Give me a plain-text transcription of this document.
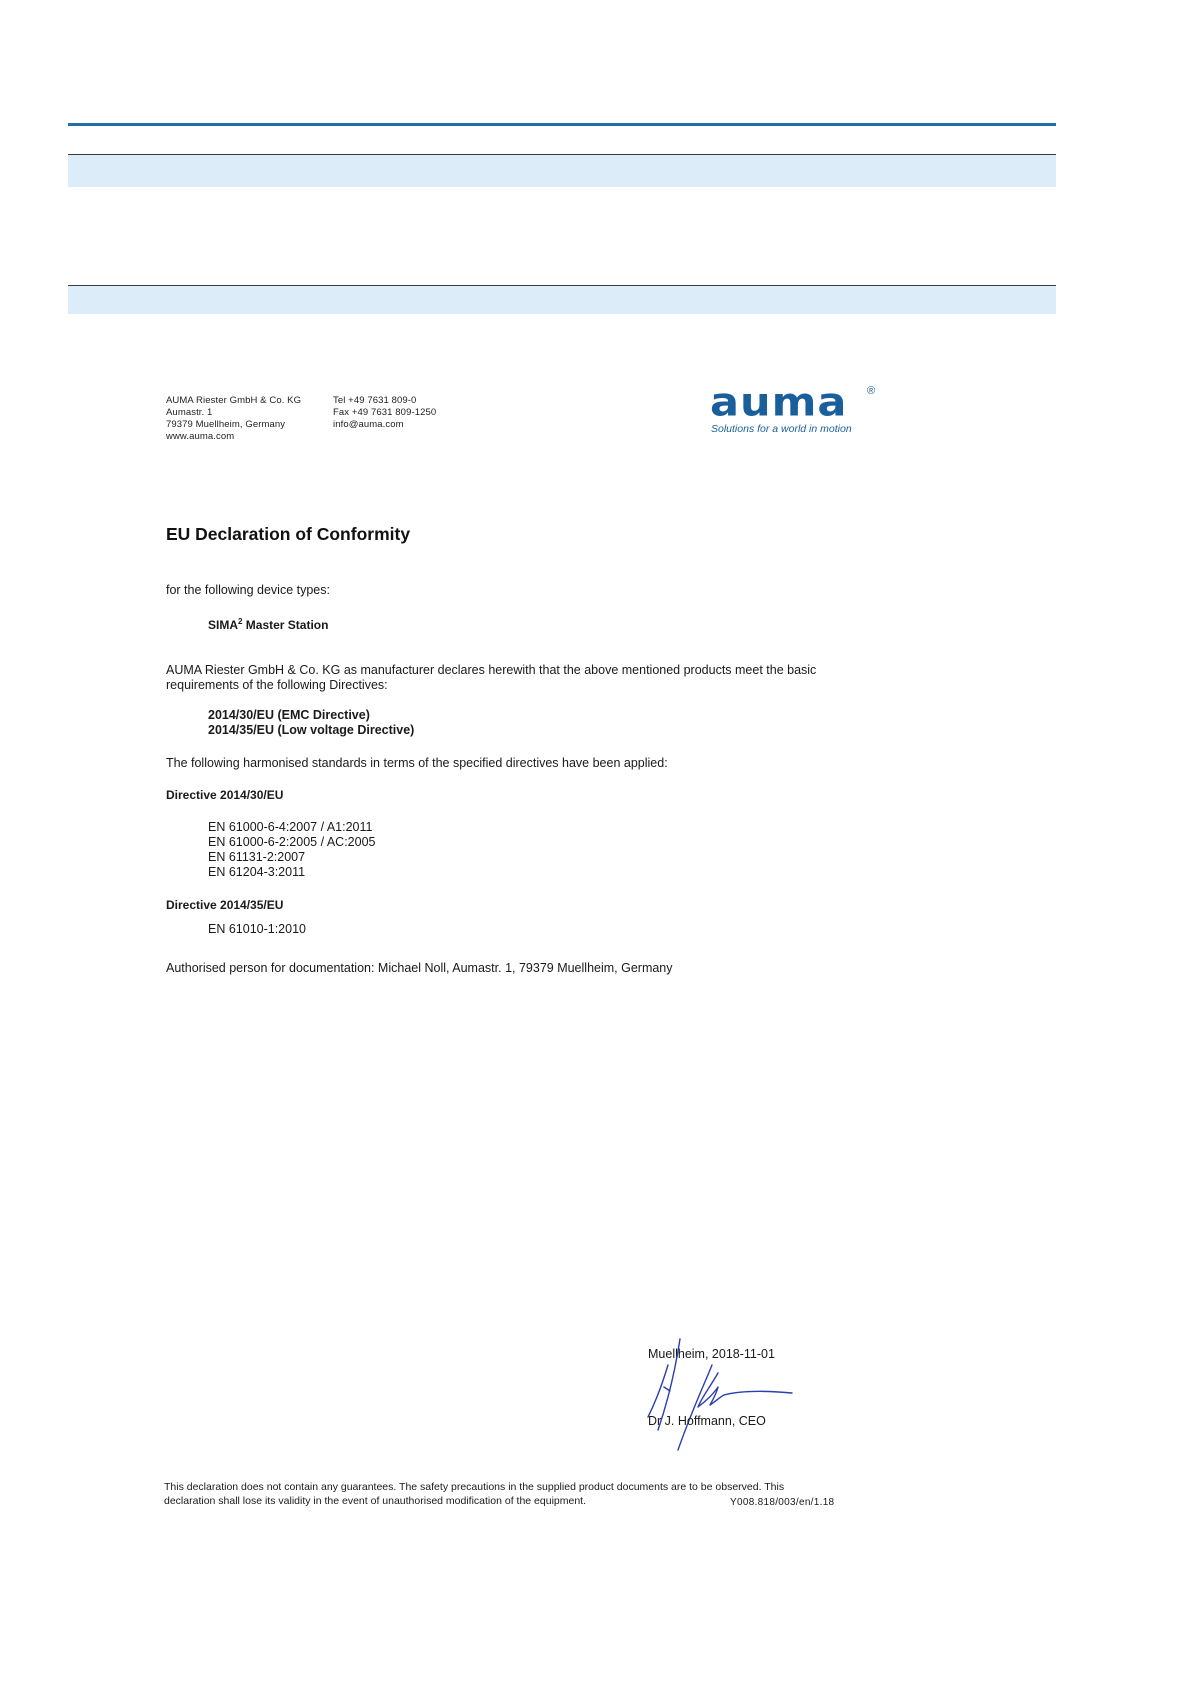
AUMA Riester GmbH & Co. KG
Aumastr. 1
79379 Muellheim, Germany
www.auma.com
Tel +49 7631 809-0
Fax +49 7631 809-1250
info@auma.com	auma	®
Solutions for a world in motion
EU Declaration of Conformity
for the following device types:
SIMA$^2$ Master Station
AUMA Riester GmbH & Co. KG as manufacturer declares herewith that the above mentioned products meet the basic
requirements of the following Directives:
2014/30/EU (EMC Directive)
2014/35/EU (Low voltage Directive)
The following harmonised standards in terms of the specified directives have been applied:
Directive 2014/30/EU
EN 61000-6-4:2007 / A1:2011
EN 61000-6-2:2005 / AC:2005
EN 61131-2:2007
EN 61204-3:2011
Directive 2014/35/EU
EN 61010-1:2010
Authorised person for documentation: Michael Noll, Aumastr. 1, 79379 Muellheim, Germany
Muellheim, 2018-11-01
Dr J. Hoffmann, CEO
This declaration does not contain any guarantees. The safety precautions in the supplied product documents are to be observed. This
declaration shall lose its validity in the event of unauthorised modification of the equipment.	Y008.818/003/en/1.18
